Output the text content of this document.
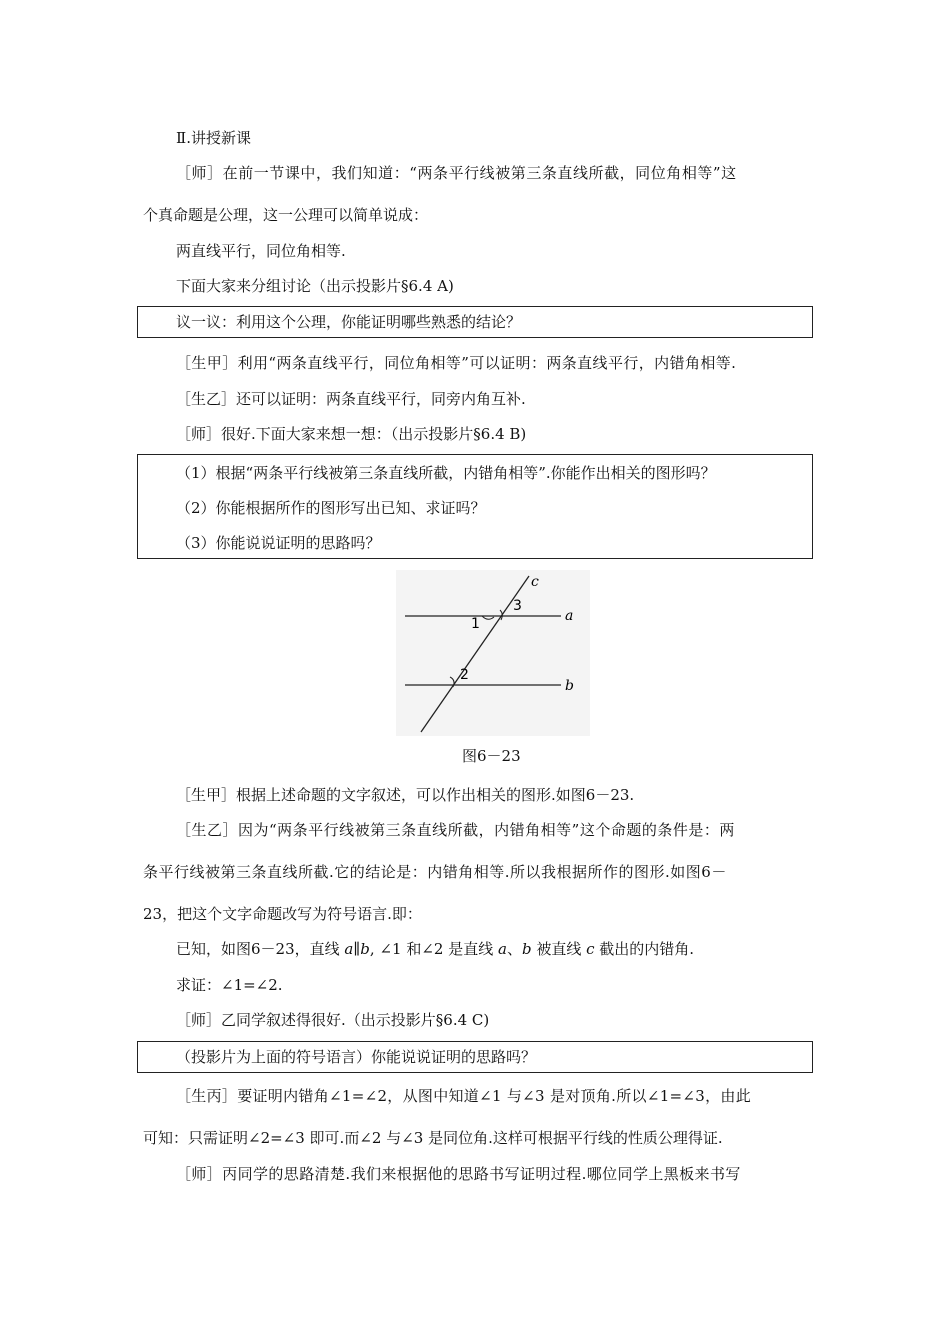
Ⅱ.讲授新课
［师］在前一节课中，我们知道：“两条平行线被第三条直线所截，同位角相等”这
个真命题是公理，这一公理可以简单说成：
两直线平行，同位角相等.
下面大家来分组讨论（出示投影片§6.4 A)
议一议：利用这个公理，你能证明哪些熟悉的结论？
［生甲］利用“两条直线平行，同位角相等”可以证明：两条直线平行，内错角相等.
［生乙］还可以证明：两条直线平行，同旁内角互补.
［师］很好.下面大家来想一想：（出示投影片§6.4 B)
（1）根据“两条平行线被第三条直线所截，内错角相等”.你能作出相关的图形吗？
（2）你能根据所作的图形写出已知、求证吗？
（3）你能说说证明的思路吗？
c
a
b
1
2
3
图6－23
［生甲］根据上述命题的文字叙述，可以作出相关的图形.如图6－23.
［生乙］因为“两条平行线被第三条直线所截，内错角相等”这个命题的条件是：两
条平行线被第三条直线所截.它的结论是：内错角相等.所以我根据所作的图形.如图6－
23，把这个文字命题改写为符号语言.即：
已知，如图6－23，直线 a∥b, ∠1 和∠2 是直线 a、b 被直线 c 截出的内错角.
求证：∠1=∠2.
［师］乙同学叙述得很好.（出示投影片§6.4 C)
（投影片为上面的符号语言）你能说说证明的思路吗？
［生丙］要证明内错角∠1=∠2，从图中知道∠1 与∠3 是对顶角.所以∠1=∠3，由此
可知：只需证明∠2=∠3 即可.而∠2 与∠3 是同位角.这样可根据平行线的性质公理得证.
［师］丙同学的思路清楚.我们来根据他的思路书写证明过程.哪位同学上黑板来书写
